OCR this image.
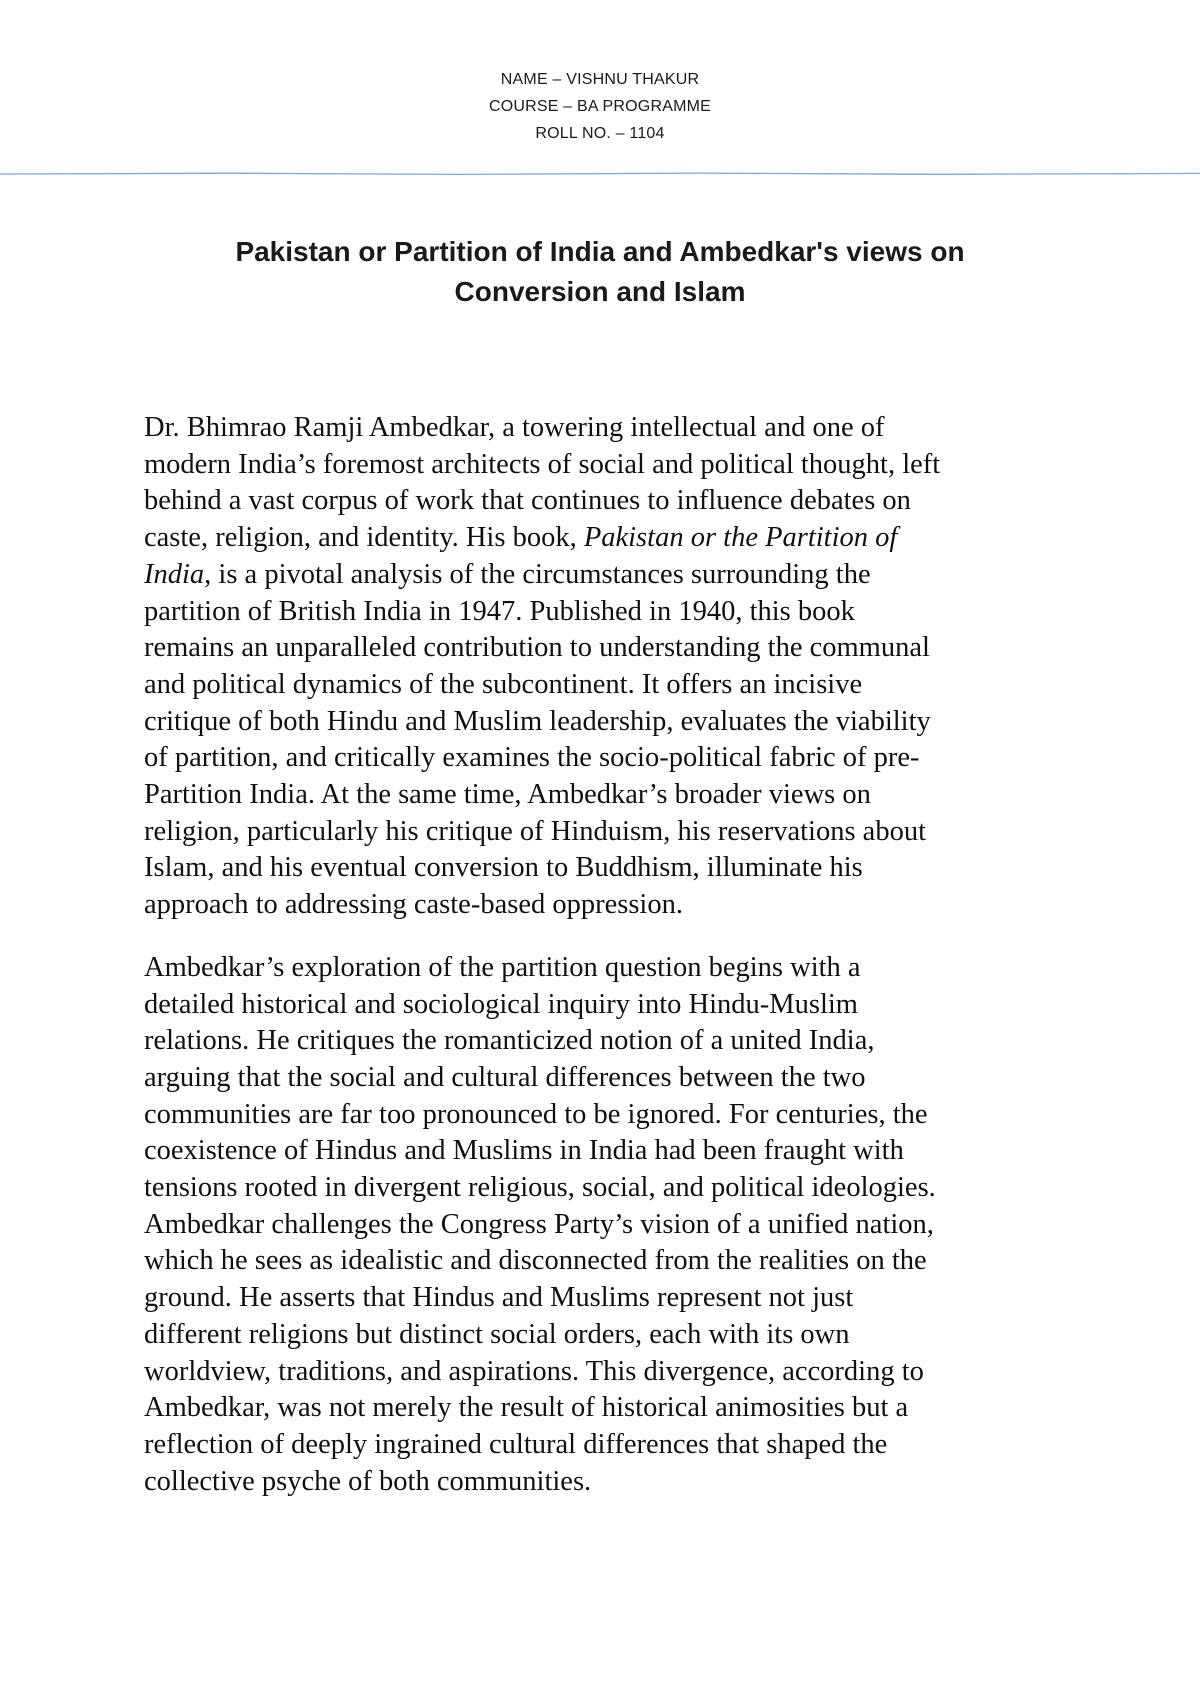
NAME – VISHNU THAKUR
COURSE – BA PROGRAMME
ROLL NO. – 1104
Pakistan or Partition of India and Ambedkar's views on
Conversion and Islam

Dr. Bhimrao Ramji Ambedkar, a towering intellectual and one of
modern India’s foremost architects of social and political thought, left
behind a vast corpus of work that continues to influence debates on
caste, religion, and identity. His book, Pakistan or the Partition of
India, is a pivotal analysis of the circumstances surrounding the
partition of British India in 1947. Published in 1940, this book
remains an unparalleled contribution to understanding the communal
and political dynamics of the subcontinent. It offers an incisive
critique of both Hindu and Muslim leadership, evaluates the viability
of partition, and critically examines the socio-political fabric of pre-
Partition India. At the same time, Ambedkar’s broader views on
religion, particularly his critique of Hinduism, his reservations about
Islam, and his eventual conversion to Buddhism, illuminate his
approach to addressing caste-based oppression.

Ambedkar’s exploration of the partition question begins with a
detailed historical and sociological inquiry into Hindu-Muslim
relations. He critiques the romanticized notion of a united India,
arguing that the social and cultural differences between the two
communities are far too pronounced to be ignored. For centuries, the
coexistence of Hindus and Muslims in India had been fraught with
tensions rooted in divergent religious, social, and political ideologies.
Ambedkar challenges the Congress Party’s vision of a unified nation,
which he sees as idealistic and disconnected from the realities on the
ground. He asserts that Hindus and Muslims represent not just
different religions but distinct social orders, each with its own
worldview, traditions, and aspirations. This divergence, according to
Ambedkar, was not merely the result of historical animosities but a
reflection of deeply ingrained cultural differences that shaped the
collective psyche of both communities.
